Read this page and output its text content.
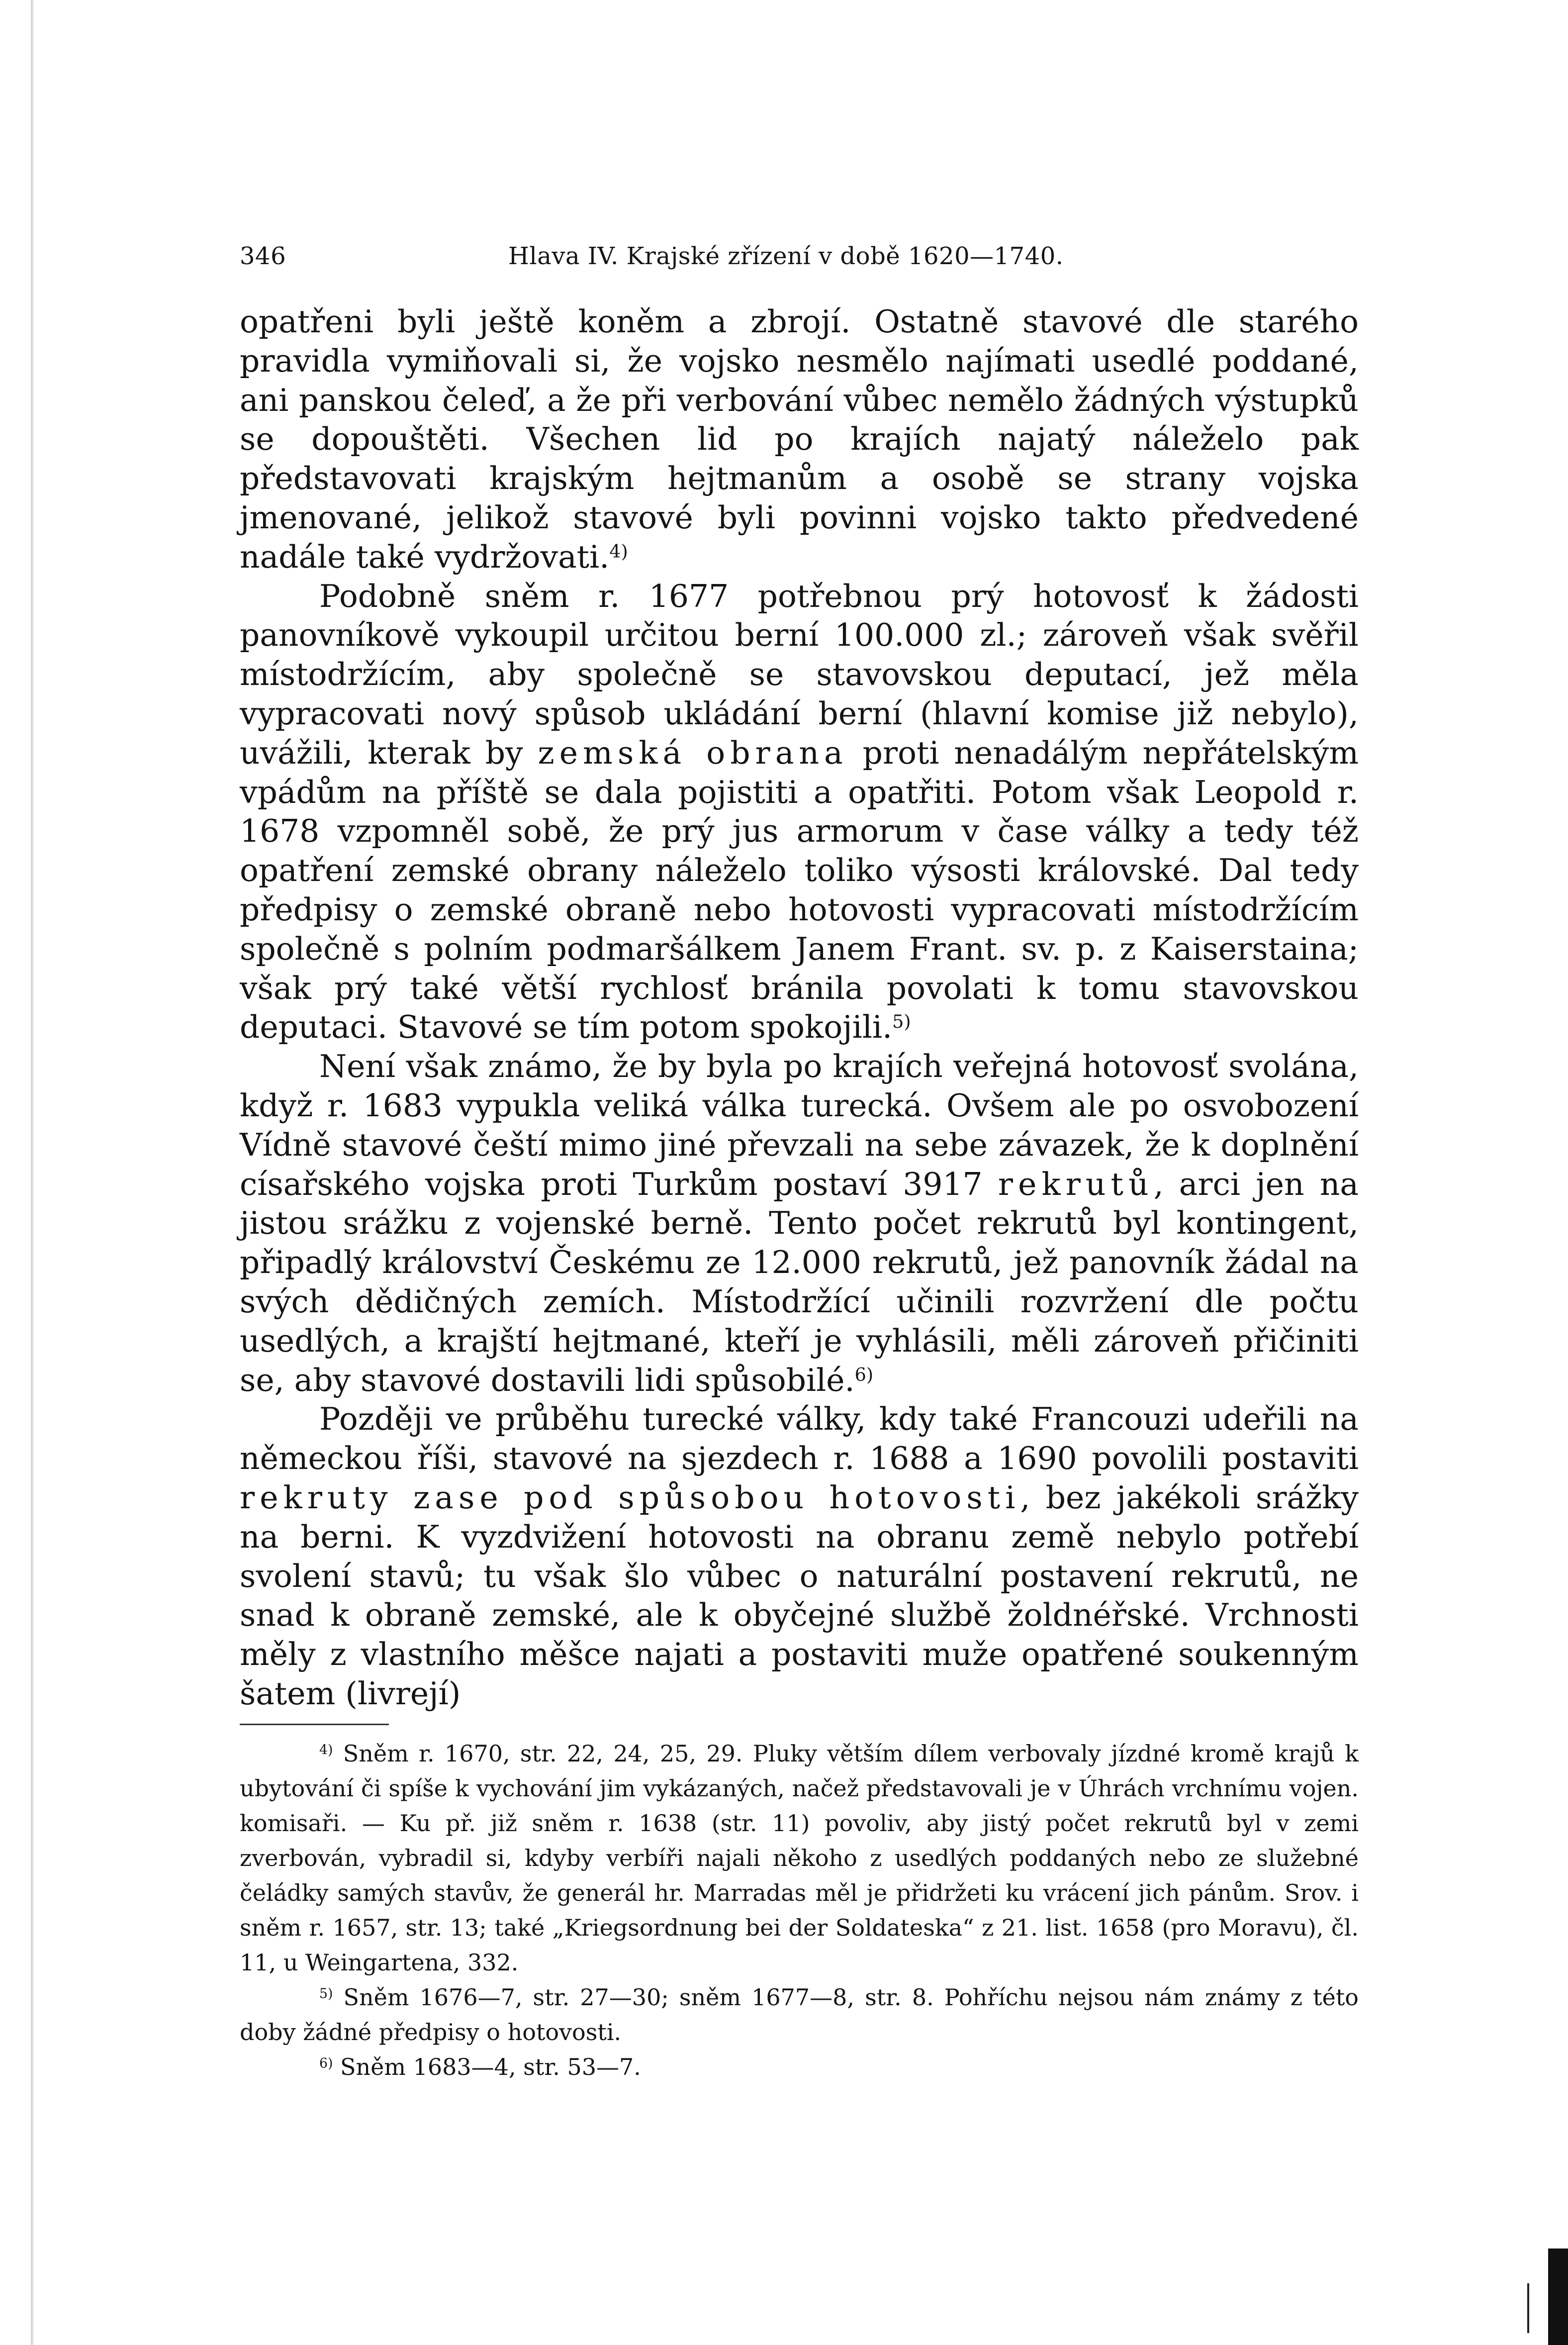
346	Hlava IV. Krajské zřízení v době 1620—1740.

opatřeni byli ještě koněm a zbrojí. Ostatně stavové dle starého pravidla vymiňovali si, že vojsko nesmělo najímati usedlé poddané, ani panskou čeleď, a že při verbování vůbec nemělo žádných výstupků se dopouštěti. Všechen lid po krajích najatý náleželo pak představovati krajským hejtmanům a osobě se strany vojska jmenované, jelikož stavové byli povinni vojsko takto předvedené nadále také vydržovati.$^{4)}$

Podobně sněm r. 1677 potřebnou prý hotovosť k žádosti panovníkově vykoupil určitou berní 100.000 zl.; zároveň však svěřil místodržícím, aby společně se stavovskou deputací, jež měla vypracovati nový spůsob ukládání berní (hlavní komise již nebylo), uvážili, kterak by zemská obrana proti nenadálým nepřátelským vpádům na příště se dala pojistiti a opatřiti. Potom však Leopold r. 1678 vzpomněl sobě, že prý jus armorum v čase války a tedy též opatření zemské obrany náleželo toliko výsosti královské. Dal tedy předpisy o zemské obraně nebo hotovosti vypracovati místodržícím společně s polním podmaršálkem Janem Frant. sv. p. z Kaiserstaina; však prý také větší rychlosť bránila povolati k tomu stavovskou deputaci. Stavové se tím potom spokojili.$^{5)}$

Není však známo, že by byla po krajích veřejná hotovosť svolána, když r. 1683 vypukla veliká válka turecká. Ovšem ale po osvobození Vídně stavové čeští mimo jiné převzali na sebe závazek, že k doplnění císařského vojska proti Turkům postaví 3917 rekrutů, arci jen na jistou srážku z vojenské berně. Tento počet rekrutů byl kontingent, připadlý království Českému ze 12.000 rekrutů, jež panovník žádal na svých dědičných zemích. Místodržící učinili rozvržení dle počtu usedlých, a krajští hejtmané, kteří je vyhlásili, měli zároveň přičiniti se, aby stavové dostavili lidi spůsobilé.$^{6)}$

Později ve průběhu turecké války, kdy také Francouzi udeřili na německou říši, stavové na sjezdech r. 1688 a 1690 povolili postaviti rekruty zase pod spůsobou hotovosti, bez jakékoli srážky na berni. K vyzdvižení hotovosti na obranu země nebylo potřebí svolení stavů; tu však šlo vůbec o naturální postavení rekrutů, ne snad k obraně zemské, ale k obyčejné službě žoldnéřské. Vrchnosti měly z vlastního měšce najati a postaviti muže opatřené soukenným šatem (livrejí)

$^{4)}$ Sněm r. 1670, str. 22, 24, 25, 29. Pluky větším dílem verbovaly jízdné kromě krajů k ubytování či spíše k vychování jim vykázaných, načež představovali je v Úhrách vrchnímu vojen. komisaři. — Ku př. již sněm r. 1638 (str. 11) povoliv, aby jistý počet rekrutů byl v zemi zverbován, vybradil si, kdyby verbíři najali někoho z usedlých poddaných nebo ze služebné čeládky samých stavův, že generál hr. Marradas měl je přidržeti ku vrácení jich pánům. Srov. i sněm r. 1657, str. 13; také „Kriegsordnung bei der Soldateska“ z 21. list. 1658 (pro Moravu), čl. 11, u Weingartena, 332.

$^{5)}$ Sněm 1676—7, str. 27—30; sněm 1677—8, str. 8. Pohříchu nejsou nám známy z této doby žádné předpisy o hotovosti.

$^{6)}$ Sněm 1683—4, str. 53—7.
